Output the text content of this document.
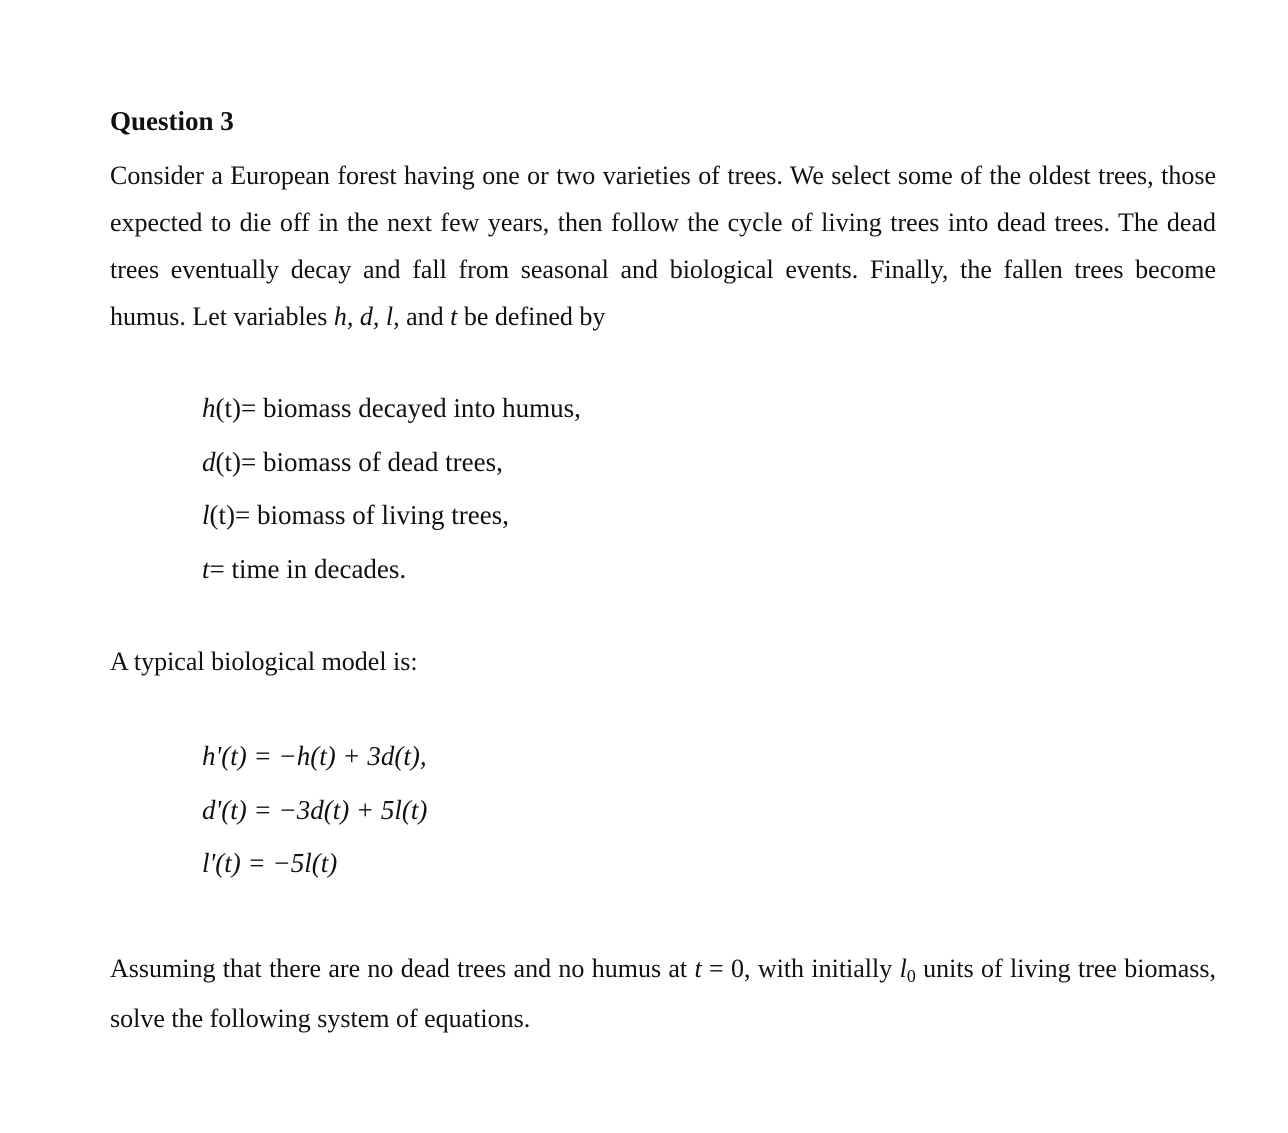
Question 3

Consider a European forest having one or two varieties of trees. We select some of the oldest trees, those expected to die off in the next few years, then follow the cycle of living trees into dead trees. The dead trees eventually decay and fall from seasonal and biological events. Finally, the fallen trees become humus. Let variables h, d, l, and t be defined by

h(t)= biomass decayed into humus,
d(t)= biomass of dead trees,
l(t)= biomass of living trees,
t= time in decades.

A typical biological model is:

h'(t) = −h(t) + 3d(t),
d'(t) = −3d(t) + 5l(t)
l'(t) = −5l(t)

Assuming that there are no dead trees and no humus at t = 0, with initially $l_0$ units of living tree biomass, solve the following system of equations.
